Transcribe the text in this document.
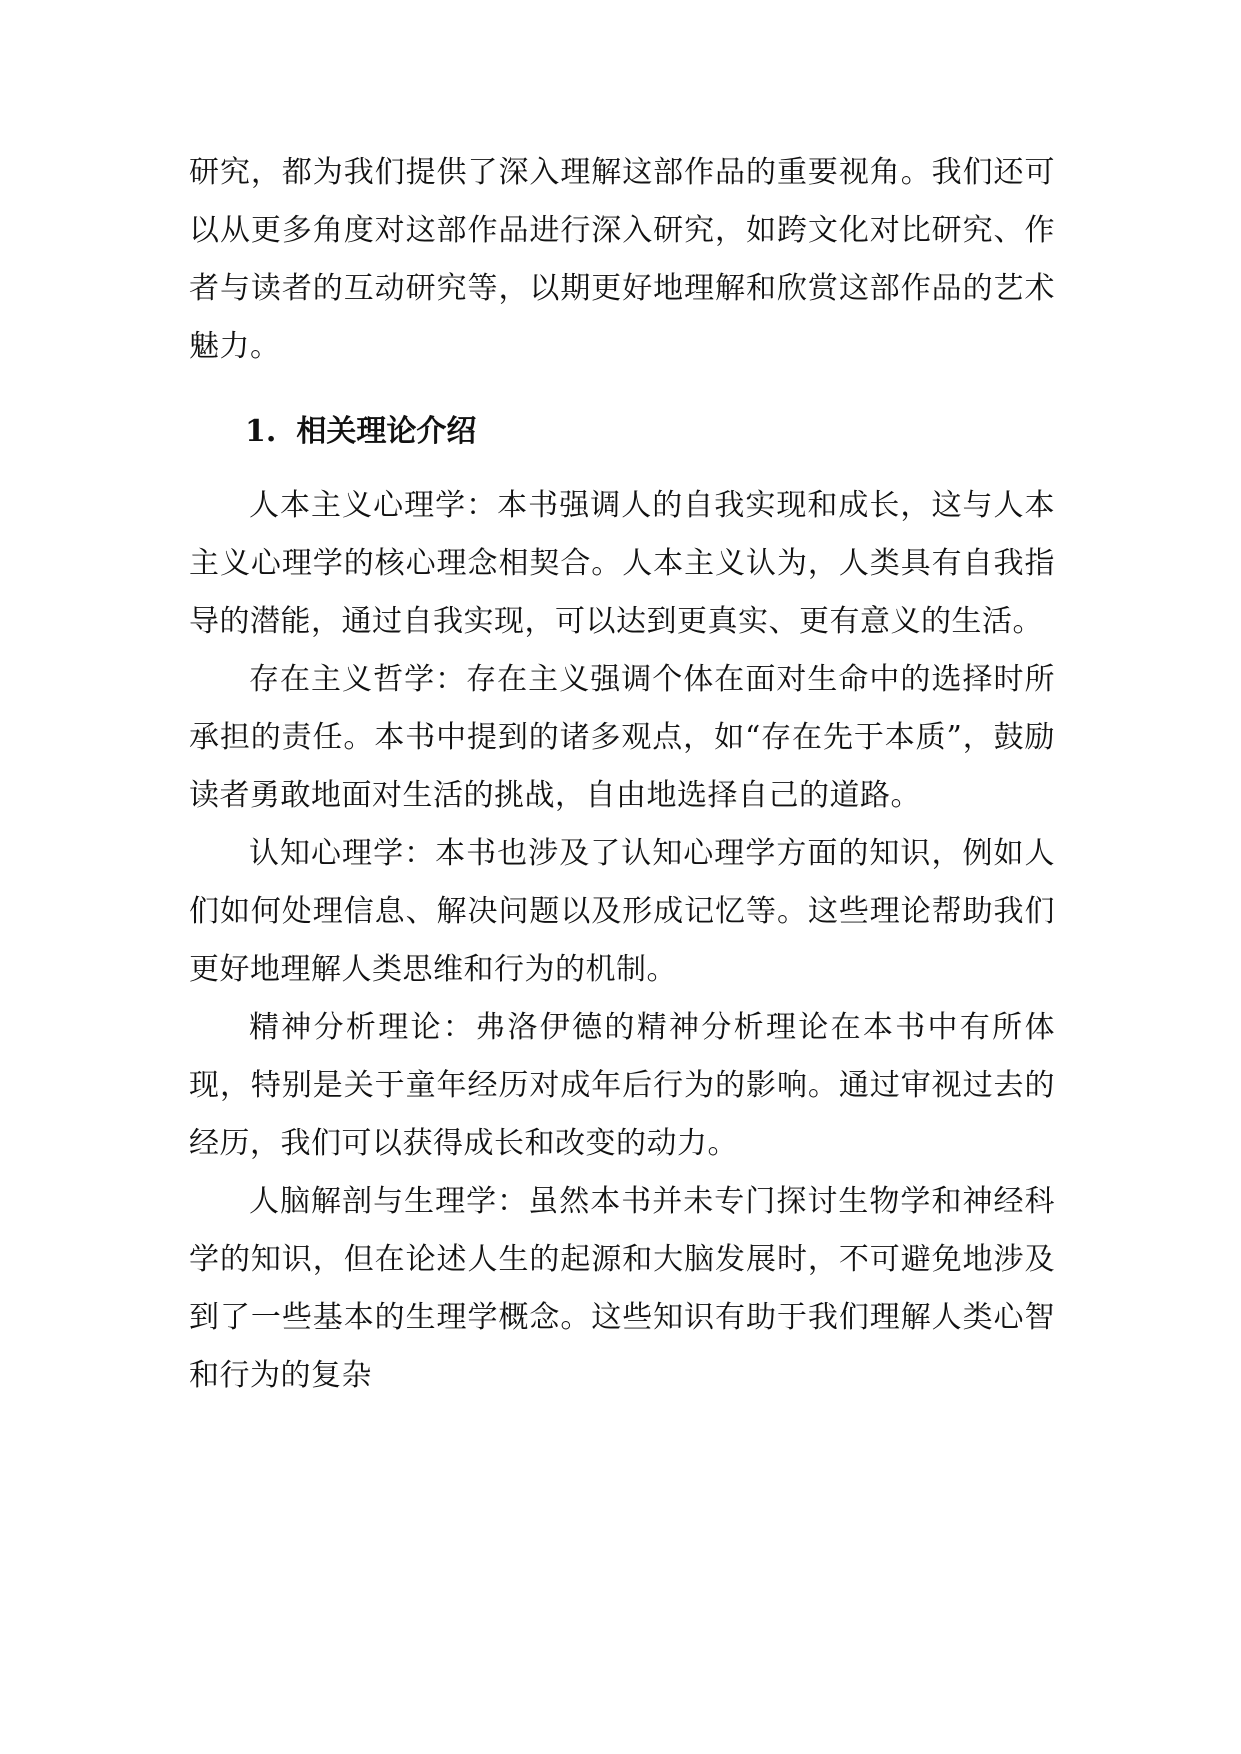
研究，都为我们提供了深入理解这部作品的重要视角。我们还可以从更多角度对这部作品进行深入研究，如跨文化对比研究、作者与读者的互动研究等，以期更好地理解和欣赏这部作品的艺术魅力。

1. 相关理论介绍

人本主义心理学：本书强调人的自我实现和成长，这与人本主义心理学的核心理念相契合。人本主义认为，人类具有自我指导的潜能，通过自我实现，可以达到更真实、更有意义的生活。

存在主义哲学：存在主义强调个体在面对生命中的选择时所承担的责任。本书中提到的诸多观点，如“存在先于本质”，鼓励读者勇敢地面对生活的挑战，自由地选择自己的道路。

认知心理学：本书也涉及了认知心理学方面的知识，例如人们如何处理信息、解决问题以及形成记忆等。这些理论帮助我们更好地理解人类思维和行为的机制。

精神分析理论：弗洛伊德的精神分析理论在本书中有所体现，特别是关于童年经历对成年后行为的影响。通过审视过去的经历，我们可以获得成长和改变的动力。

人脑解剖与生理学：虽然本书并未专门探讨生物学和神经科学的知识，但在论述人生的起源和大脑发展时，不可避免地涉及到了一些基本的生理学概念。这些知识有助于我们理解人类心智和行为的复杂
